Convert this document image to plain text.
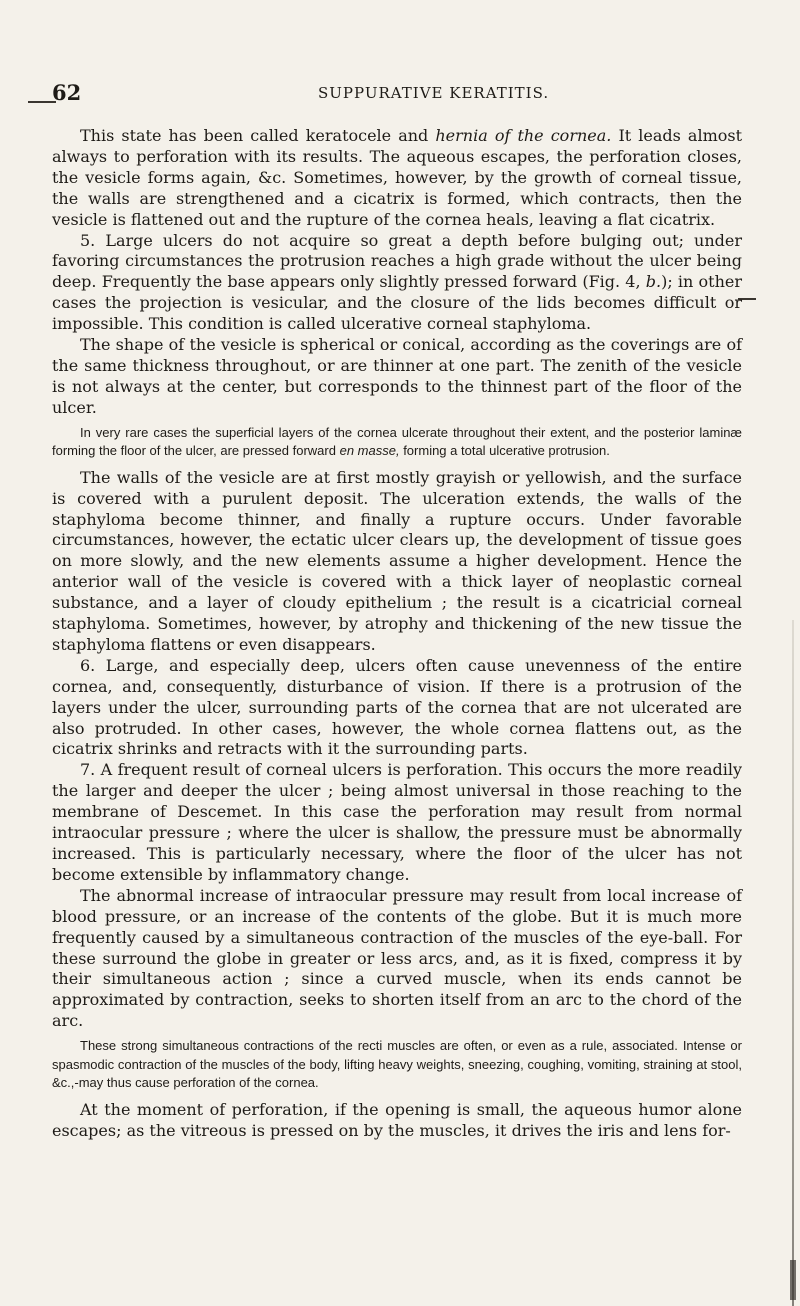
62	SUPPURATIVE KERATITIS.

This state has been called keratocele and hernia of the cornea. It leads almost always to perforation with its results. The aqueous escapes, the perforation closes, the vesicle forms again, &c. Sometimes, however, by the growth of corneal tissue, the walls are strengthened and a cicatrix is formed, which contracts, then the vesicle is flattened out and the rupture of the cornea heals, leaving a flat cicatrix.

5. Large ulcers do not acquire so great a depth before bulging out; under favoring circumstances the protrusion reaches a high grade without the ulcer being deep. Frequently the base appears only slightly pressed forward (Fig. 4, b.); in other cases the projection is vesicular, and the closure of the lids becomes difficult or impossible. This condition is called ulcerative corneal staphyloma.

The shape of the vesicle is spherical or conical, according as the coverings are of the same thickness throughout, or are thinner at one part. The zenith of the vesicle is not always at the center, but corresponds to the thinnest part of the floor of the ulcer.

In very rare cases the superficial layers of the cornea ulcerate throughout their extent, and the posterior laminæ forming the floor of the ulcer, are pressed forward en masse, forming a total ulcerative protrusion.

The walls of the vesicle are at first mostly grayish or yellowish, and the surface is covered with a purulent deposit. The ulceration extends, the walls of the staphyloma become thinner, and finally a rupture occurs. Under favorable circumstances, however, the ectatic ulcer clears up, the development of tissue goes on more slowly, and the new elements assume a higher development. Hence the anterior wall of the vesicle is covered with a thick layer of neoplastic corneal substance, and a layer of cloudy epithelium ; the result is a cicatricial corneal staphyloma. Sometimes, however, by atrophy and thickening of the new tissue the staphyloma flattens or even disappears.

6. Large, and especially deep, ulcers often cause unevenness of the entire cornea, and, consequently, disturbance of vision. If there is a protrusion of the layers under the ulcer, surrounding parts of the cornea that are not ulcerated are also protruded. In other cases, however, the whole cornea flattens out, as the cicatrix shrinks and retracts with it the surrounding parts.

7. A frequent result of corneal ulcers is perforation. This occurs the more readily the larger and deeper the ulcer ; being almost universal in those reaching to the membrane of Descemet. In this case the perforation may result from normal intraocular pressure ; where the ulcer is shallow, the pressure must be abnormally increased. This is particularly necessary, where the floor of the ulcer has not become extensible by inflammatory change.

The abnormal increase of intraocular pressure may result from local increase of blood pressure, or an increase of the contents of the globe. But it is much more frequently caused by a simultaneous contraction of the muscles of the eye-ball. For these surround the globe in greater or less arcs, and, as it is fixed, compress it by their simultaneous action ; since a curved muscle, when its ends cannot be approximated by contraction, seeks to shorten itself from an arc to the chord of the arc.

These strong simultaneous contractions of the recti muscles are often, or even as a rule, associated. Intense or spasmodic contraction of the muscles of the body, lifting heavy weights, sneezing, coughing, vomiting, straining at stool, &c.,-may thus cause perforation of the cornea.

At the moment of perforation, if the opening is small, the aqueous humor alone escapes; as the vitreous is pressed on by the muscles, it drives the iris and lens for-
